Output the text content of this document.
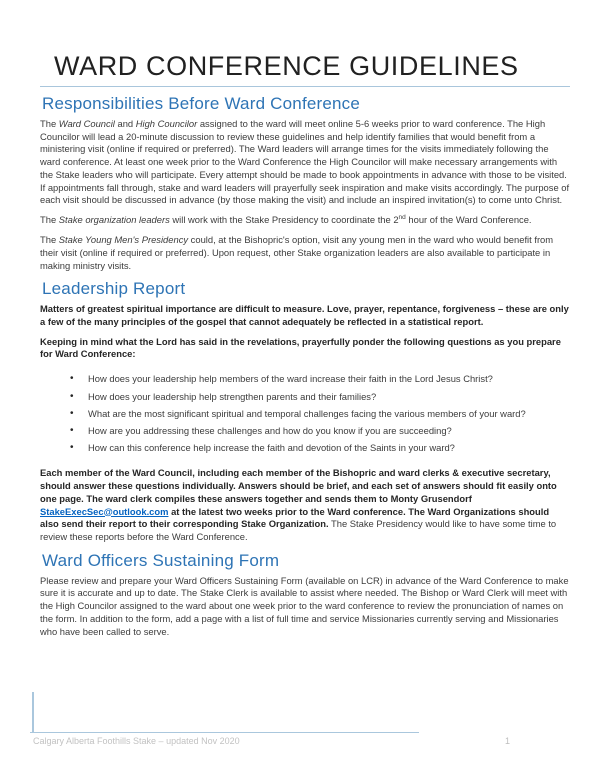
WARD CONFERENCE GUIDELINES
Responsibilities Before Ward Conference

The Ward Council and High Councilor assigned to the ward will meet online 5-6 weeks prior to ward conference. The High Councilor will lead a 20-minute discussion to review these guidelines and help identify families that would benefit from a ministering visit (online if required or preferred). The Ward leaders will arrange times for the visits immediately following the ward conference. At least one week prior to the Ward Conference the High Councilor will make necessary arrangements with the Stake leaders who will participate. Every attempt should be made to book appointments in advance with those to be visited. If appointments fall through, stake and ward leaders will prayerfully seek inspiration and make visits accordingly. The purpose of each visit should be discussed in advance (by those making the visit) and include an inspired invitation(s) to come unto Christ.

The Stake organization leaders will work with the Stake Presidency to coordinate the 2nd hour of the Ward Conference.

The Stake Young Men's Presidency could, at the Bishopric's option, visit any young men in the ward who would benefit from their visit (online if required or preferred). Upon request, other Stake organization leaders are also available to participate in making ministry visits.

Leadership Report

Matters of greatest spiritual importance are difficult to measure. Love, prayer, repentance, forgiveness – these are only a few of the many principles of the gospel that cannot adequately be reflected in a statistical report.

Keeping in mind what the Lord has said in the revelations, prayerfully ponder the following questions as you prepare for Ward Conference:

• How does your leadership help members of the ward increase their faith in the Lord Jesus Christ?
• How does your leadership help strengthen parents and their families?
• What are the most significant spiritual and temporal challenges facing the various members of your ward?
• How are you addressing these challenges and how do you know if you are succeeding?
• How can this conference help increase the faith and devotion of the Saints in your ward?

Each member of the Ward Council, including each member of the Bishopric and ward clerks & executive secretary, should answer these questions individually. Answers should be brief, and each set of answers should fit easily onto one page. The ward clerk compiles these answers together and sends them to Monty Grusendorf StakeExecSec@outlook.com at the latest two weeks prior to the Ward conference. The Ward Organizations should also send their report to their corresponding Stake Organization. The Stake Presidency would like to have some time to review these reports before the Ward Conference.

Ward Officers Sustaining Form

Please review and prepare your Ward Officers Sustaining Form (available on LCR) in advance of the Ward Conference to make sure it is accurate and up to date. The Stake Clerk is available to assist where needed. The Bishop or Ward Clerk will meet with the High Councilor assigned to the ward about one week prior to the ward conference to review the pronunciation of names on the form. In addition to the form, add a page with a list of full time and service Missionaries currently serving and Missionaries who have been called to serve.

Calgary Alberta Foothills Stake – updated Nov 2020	1
